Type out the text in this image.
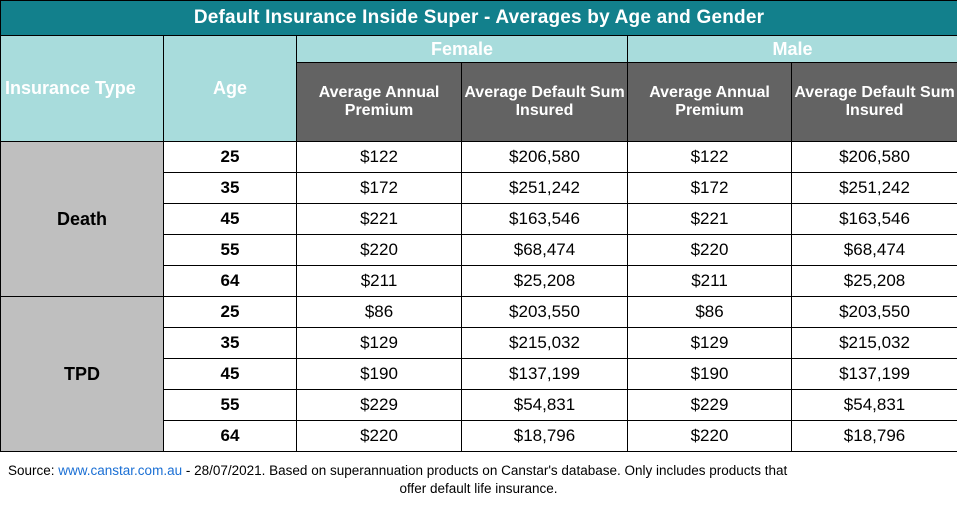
Default Insurance Inside Super - Averages by Age and Gender					
Insurance Type	Age	Female		Male	
		Average Annual Premium	Average Default Sum Insured	Average Annual Premium	Average Default Sum Insured
Death	25	$122	$206,580	$122	$206,580
	35	$172	$251,242	$172	$251,242
	45	$221	$163,546	$221	$163,546
	55	$220	$68,474	$220	$68,474
	64	$211	$25,208	$211	$25,208
TPD	25	$86	$203,550	$86	$203,550
	35	$129	$215,032	$129	$215,032
	45	$190	$137,199	$190	$137,199
	55	$229	$54,831	$229	$54,831
	64	$220	$18,796	$220	$18,796
Source: www.canstar.com.au - 28/07/2021. Based on superannuation products on Canstar's database. Only includes products that
offer default life insurance.
